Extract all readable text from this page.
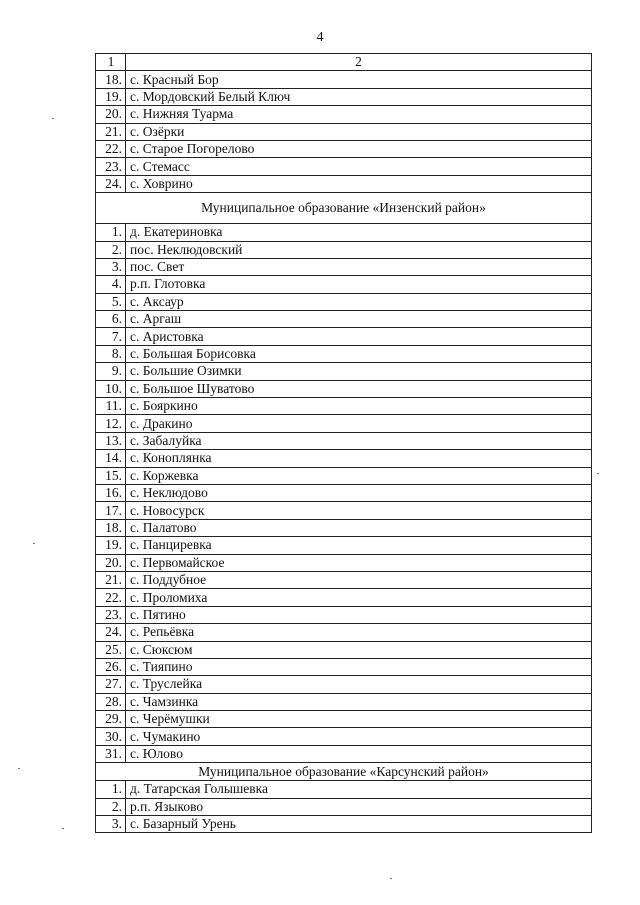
4
1	2
18.	с. Красный Бор
19.	с. Мордовский Белый Ключ
20.	с. Нижняя Туарма
21.	с. Озёрки
22.	с. Старое Погорелово
23.	с. Стемасс
24.	с. Ховрино
Муниципальное образование «Инзенский район»	
1.	д. Екатериновка
2.	пос. Неклюдовский
3.	пос. Свет
4.	р.п. Глотовка
5.	с. Аксаур
6.	с. Аргаш
7.	с. Аристовка
8.	с. Большая Борисовка
9.	с. Большие Озимки
10.	с. Большое Шуватово
11.	с. Бояркино
12.	с. Дракино
13.	с. Забалуйка
14.	с. Коноплянка
15.	с. Коржевка
16.	с. Неклюдово
17.	с. Новосурск
18.	с. Палатово
19.	с. Панциревка
20.	с. Первомайское
21.	с. Поддубное
22.	с. Проломиха
23.	с. Пятино
24.	с. Репьёвка
25.	с. Сюксюм
26.	с. Тияпино
27.	с. Труслейка
28.	с. Чамзинка
29.	с. Черёмушки
30.	с. Чумакино
31.	с. Юлово
Муниципальное образование «Карсунский район»	
1.	д. Татарская Голышевка
2.	р.п. Языково
3.	с. Базарный Урень
